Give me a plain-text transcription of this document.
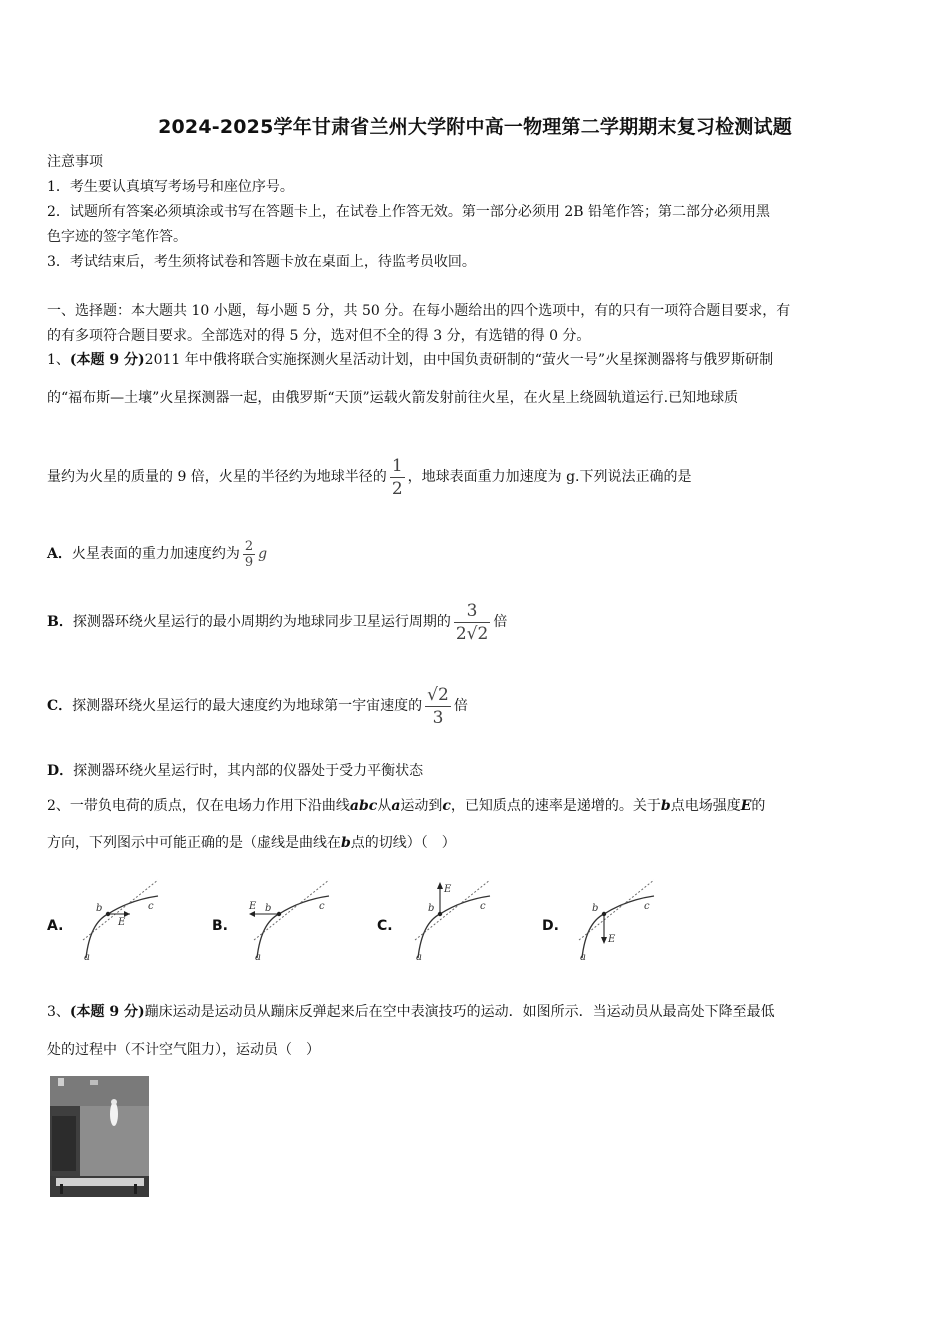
2024-2025学年甘肃省兰州大学附中高一物理第二学期期末复习检测试题
注意事项
1．考生要认真填写考场号和座位序号。
2．试题所有答案必须填涂或书写在答题卡上，在试卷上作答无效。第一部分必须用 2B 铅笔作答；第二部分必须用黑
色字迹的签字笔作答。
3．考试结束后，考生须将试卷和答题卡放在桌面上，待监考员收回。
一、选择题：本大题共 10 小题，每小题 5 分，共 50 分。在每小题给出的四个选项中，有的只有一项符合题目要求，有
的有多项符合题目要求。全部选对的得 5 分，选对但不全的得 3 分，有选错的得 0 分。
1、(本题 9 分)2011 年中俄将联合实施探测火星活动计划，由中国负责研制的“萤火一号”火星探测器将与俄罗斯研制
的“福布斯—土壤”火星探测器一起，由俄罗斯“天顶”运载火箭发射前往火星，在火星上绕圆轨道运行.已知地球质
量约为火星的质量的 9 倍，火星的半径约为地球半径的 $\frac{1}{2}$ ，地球表面重力加速度为 g.下列说法正确的是
A．火星表面的重力加速度约为 $\frac{2}{9}$ g
B．探测器环绕火星运行的最小周期约为地球同步卫星运行周期的 $\frac{3}{2√2}$ 倍
C．探测器环绕火星运行的最大速度约为地球第一宇宙速度的 $\frac{√2}{3}$ 倍
D．探测器环绕火星运行时，其内部的仪器处于受力平衡状态
2、一带负电荷的质点，仅在电场力作用下沿曲线abc从a运动到c，已知质点的速率是递增的。关于b点电场强度E的
方向，下列图示中可能正确的是（虚线是曲线在b点的切线）（　）
A.	B.	C.	D.
E
b	c
a
E b	c
a
E
b	c
a
E
b	c
a
3、(本题 9 分)蹦床运动是运动员从蹦床反弹起来后在空中表演技巧的运动．如图所示．当运动员从最高处下降至最低
处的过程中（不计空气阻力），运动员（　）
